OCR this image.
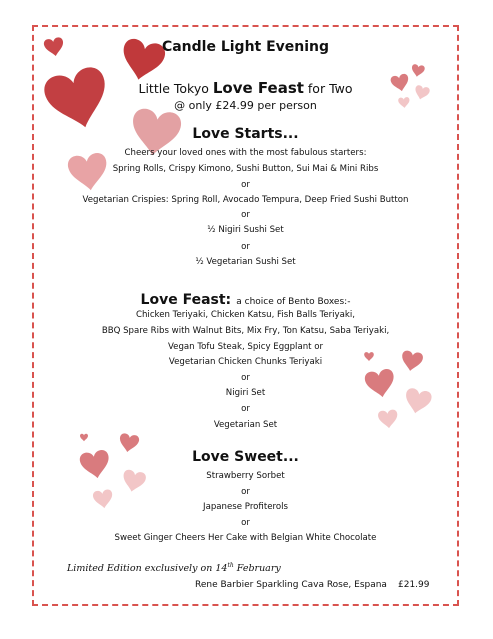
Candle Light Evening
Little Tokyo Love Feast for Two
@ only £24.99 per person
Love Starts...
Cheers your loved ones with the most fabulous starters:
Spring Rolls, Crispy Kimono, Sushi Button, Sui Mai & Mini Ribs
or
Vegetarian Crispies: Spring Roll, Avocado Tempura, Deep Fried Sushi Button
or
½ Nigiri Sushi Set
or
½ Vegetarian Sushi Set
Love Feast: a choice of Bento Boxes:-
Chicken Teriyaki, Chicken Katsu, Fish Balls Teriyaki,
BBQ Spare Ribs with Walnut Bits, Mix Fry, Ton Katsu, Saba Teriyaki,
Vegan Tofu Steak, Spicy Eggplant or
Vegetarian Chicken Chunks Teriyaki
or
Nigiri Set
or
Vegetarian Set
Love Sweet...
Strawberry Sorbet
or
Japanese Profiterols
or
Sweet Ginger Cheers Her Cake with Belgian White Chocolate
Limited Edition exclusively on 14th February
Rene Barbier Sparkling Cava Rose, Espana £21.99
